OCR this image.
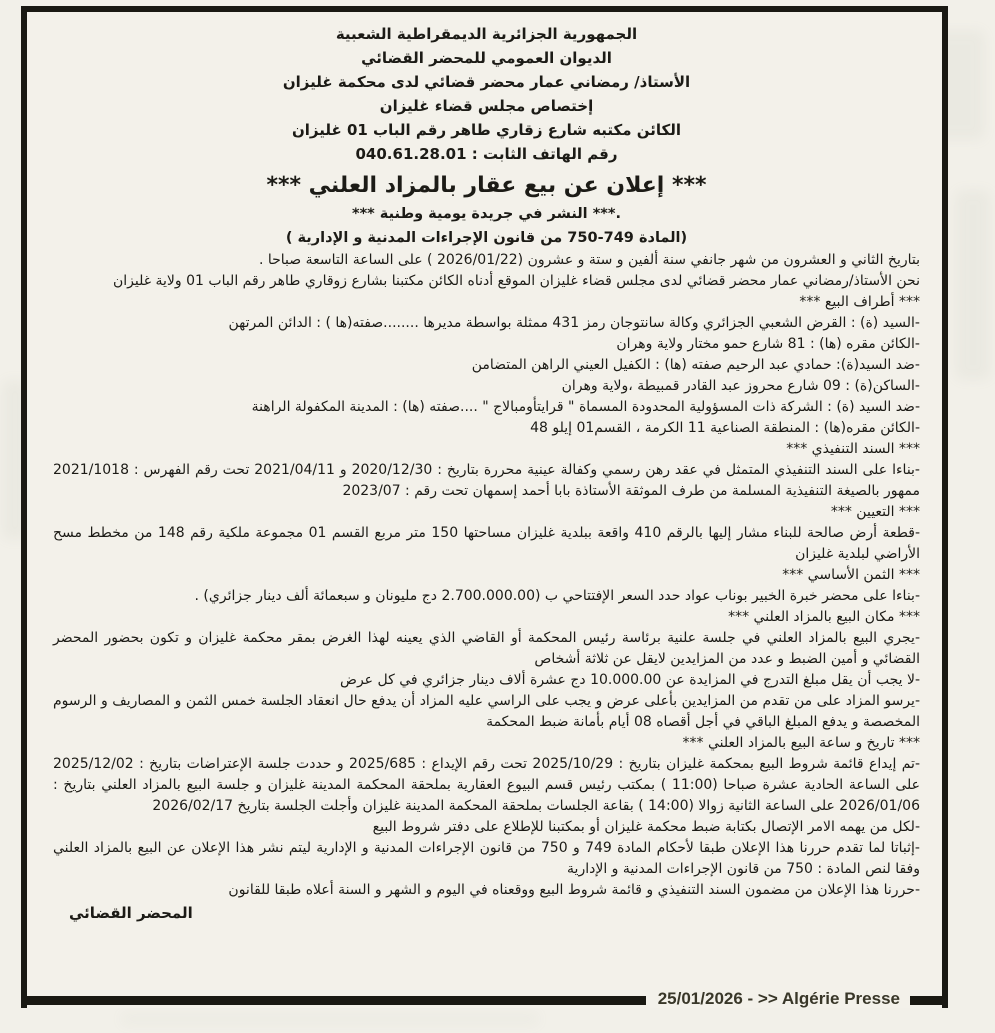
الجمهورية الجزائرية الديمقراطية الشعبية
الديوان العمومي للمحضر القضائي
الأستاذ/ رمضاني عمار محضر قضائي لدى محكمة غليزان
إختصاص مجلس قضاء غليزان
الكائن مكتبه شارع زقاري طاهر رقم الباب 01 غليزان
رقم الهاتف الثابت : 040.61.28.01
*** إعلان عن بيع عقار بالمزاد العلني ***
.*** النشر في جريدة يومية وطنية ***
(المادة 749-750 من قانون الإجراءات المدنية و الإدارية )

بتاريخ الثاني و العشرون من شهر جانفي سنة ألفين و ستة و عشرون (2026/01/22 ) على الساعة التاسعة صباحا .

نحن الأستاذ/رمضاني عمار محضر قضائي لدى مجلس قضاء غليزان الموقع أدناه الكائن مكتبنا بشارع زوقاري طاهر رقم الباب 01 ولاية غليزان

*** أطراف البيع ***

-السيد (ة) : القرض الشعبي الجزائري وكالة سانتوجان رمز 431 ممثلة بواسطة مديرها ........صفته(ها ) : الدائن المرتهن

-الكائن مقره (ها) : 81 شارع حمو مختار ولاية وهران

-ضد السيد(ة): حمادي عبد الرحيم صفته (ها) : الكفيل العيني الراهن المتضامن

-الساكن(ة) : 09 شارع محروز عبد القادر قمبيطة ،ولاية وهران

-ضد السيد (ة) : الشركة ذات المسؤولية المحدودة المسماة " قرايتأومبالاج " ....صفته (ها) : المدينة المكفولة الراهنة

-الكائن مقره(ها) : المنطقة الصناعية 11 الكرمة ، القسم01 إيلو 48

*** السند التنفيذي ***

-بناءا على السند التنفيذي المتمثل في عقد رهن رسمي وكفالة عينية محررة بتاريخ : 2020/12/30 و 2021/04/11 تحت رقم الفهرس : 2021/1018 ممهور بالصيغة التنفيذية المسلمة من طرف الموثقة الأستاذة بابا أحمد إسمهان تحت رقم : 2023/07

*** التعيين ***

-قطعة أرض صالحة للبناء مشار إليها بالرقم 410 واقعة ببلدية غليزان مساحتها 150 متر مربع القسم 01 مجموعة ملكية رقم 148 من مخطط مسح الأراضي لبلدية غليزان

*** الثمن الأساسي ***

-بناءا على محضر خبرة الخبير بوناب عواد حدد السعر الإفتتاحي ب (2.700.000.00 دج مليونان و سبعمائة ألف دينار جزائري) .

*** مكان البيع بالمزاد العلني ***

-يجري البيع بالمزاد العلني في جلسة علنية برئاسة رئيس المحكمة أو القاضي الذي يعينه لهذا الغرض بمقر محكمة غليزان و تكون بحضور المحضر القضائي و أمين الضبط و عدد من المزايدين لايقل عن ثلاثة أشخاص

-لا يجب أن يقل مبلغ التدرج في المزايدة عن 10.000.00 دج عشرة ألاف دينار جزائري في كل عرض

-يرسو المزاد على من تقدم من المزايدين بأعلى عرض و يجب على الراسي عليه المزاد أن يدفع حال انعقاد الجلسة خمس الثمن و المصاريف و الرسوم المخصصة و يدفع المبلغ الباقي في أجل أقصاه 08 أيام بأمانة ضبط المحكمة

*** تاريخ و ساعة البيع بالمزاد العلني ***

-تم إيداع قائمة شروط البيع بمحكمة غليزان بتاريخ : 2025/10/29 تحت رقم الإيداع : 2025/685 و حددت جلسة الإعتراضات بتاريخ : 2025/12/02 على الساعة الحادية عشرة صباحا (11:00 ) بمكتب رئيس قسم البيوع العقارية بملحقة المحكمة المدينة غليزان و جلسة البيع بالمزاد العلني بتاريخ : 2026/01/06 على الساعة الثانية زوالا (14:00 ) بقاعة الجلسات بملحقة المحكمة المدينة غليزان وأجلت الجلسة بتاريخ 2026/02/17

-لكل من يهمه الامر الإتصال بكتابة ضبط محكمة غليزان أو بمكتبنا للإطلاع على دفتر شروط البيع

-إثباتا لما تقدم حررنا هذا الإعلان طبقا لأحكام المادة 749 و 750 من قانون الإجراءات المدنية و الإدارية ليتم نشر هذا الإعلان عن البيع بالمزاد العلني وفقا لنص المادة : 750 من قانون الإجراءات المدنية و الإدارية

-حررنا هذا الإعلان من مضمون السند التنفيذي و قائمة شروط البيع ووقعناه في اليوم و الشهر و السنة أعلاه طبقا للقانون

المحضر القضائي
25/01/2026 - >> Algérie Presse
